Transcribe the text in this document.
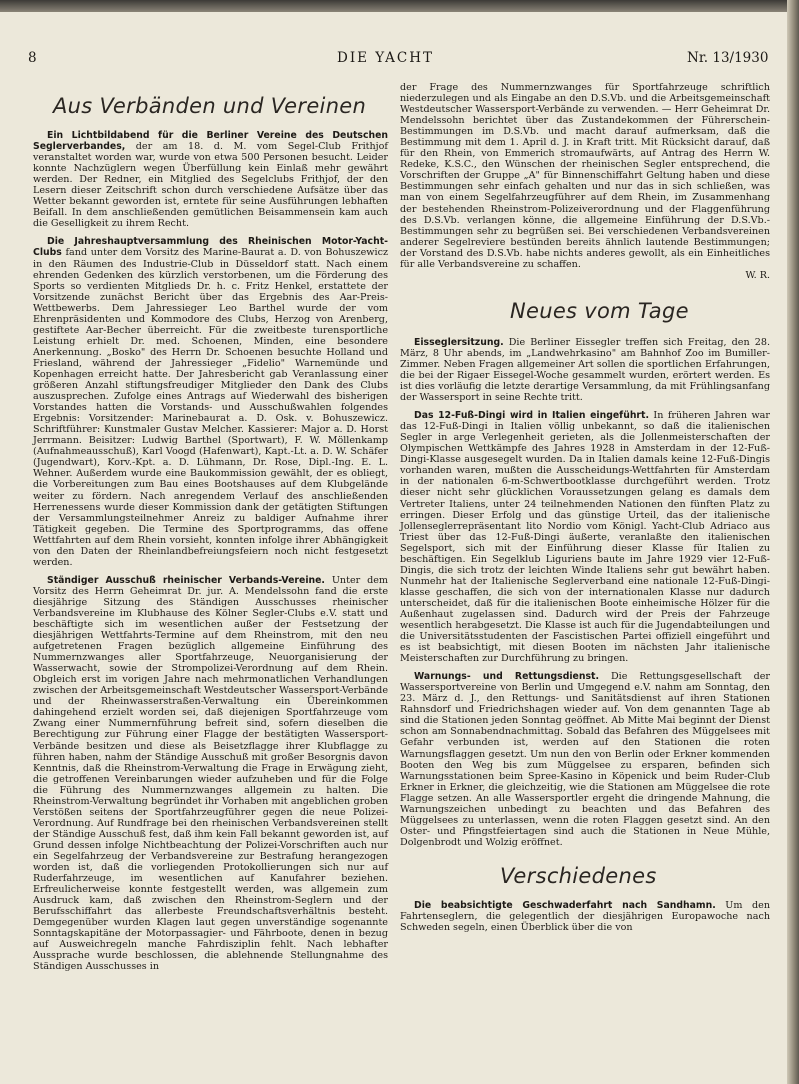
8	DIE YACHT	Nr. 13/1930
Aus Verbänden und Vereinen

Ein Lichtbildabend für die Berliner Vereine des Deutschen Seglerverbandes, der am 18. d. M. vom Segel-Club Frithjof veranstaltet worden war, wurde von etwa 500 Personen besucht. Leider konnte Nachzüglern wegen Überfüllung kein Einlaß mehr gewährt werden. Der Redner, ein Mitglied des Segelclubs Frithjof, der den Lesern dieser Zeitschrift schon durch verschiedene Aufsätze über das Wetter bekannt geworden ist, erntete für seine Ausführungen lebhaften Beifall. In dem anschließenden gemütlichen Beisammensein kam auch die Geselligkeit zu ihrem Recht.

Die Jahreshauptversammlung des Rheinischen Motor-Yacht-Clubs fand unter dem Vorsitz des Marine-Baurat a. D. von Bohuszewicz in den Räumen des Industrie-Club in Düsseldorf statt. Nach einem ehrenden Gedenken des kürzlich verstorbenen, um die Förderung des Sports so verdienten Mitglieds Dr. h. c. Fritz Henkel, erstattete der Vorsitzende zunächst Bericht über das Ergebnis des Aar-Preis-Wettbewerbs. Dem Jahressieger Leo Barthel wurde der vom Ehrenpräsidenten und Kommodore des Clubs, Herzog von Arenberg, gestiftete Aar-Becher überreicht. Für die zweitbeste turensportliche Leistung erhielt Dr. med. Schoenen, Minden, eine besondere Anerkennung. „Bosko" des Herrn Dr. Schoenen besuchte Holland und Friesland, während der Jahressieger „Fidelio" Warnemünde und Kopenhagen erreicht hatte. Der Jahresbericht gab Veranlassung einer größeren Anzahl stiftungsfreudiger Mitglieder den Dank des Clubs auszusprechen. Zufolge eines Antrags auf Wiederwahl des bisherigen Vorstandes hatten die Vorstands- und Ausschußwahlen folgendes Ergebnis: Vorsitzender: Marinebaurat a. D. Osk. v. Bohuszewicz. Schriftführer: Kunstmaler Gustav Melcher. Kassierer: Major a. D. Horst Jerrmann. Beisitzer: Ludwig Barthel (Sportwart), F. W. Möllenkamp (Aufnahmeausschuß), Karl Voogd (Hafenwart), Kapt.-Lt. a. D. W. Schäfer (Jugendwart), Korv.-Kpt. a. D. Lühmann, Dr. Rose, Dipl.-Ing. E. L. Wehner. Außerdem wurde eine Baukommission gewählt, der es obliegt, die Vorbereitungen zum Bau eines Bootshauses auf dem Klubgelände weiter zu fördern. Nach anregendem Verlauf des anschließenden Herrenessens wurde dieser Kommission dank der getätigten Stiftungen der Versammlungsteilnehmer Anreiz zu baldiger Aufnahme ihrer Tätigkeit gegeben. Die Termine des Sportprogramms, das offene Wettfahrten auf dem Rhein vorsieht, konnten infolge ihrer Abhängigkeit von den Daten der Rheinlandbefreiungsfeiern noch nicht festgesetzt werden.

Ständiger Ausschuß rheinischer Verbands-Vereine. Unter dem Vorsitz des Herrn Geheimrat Dr. jur. A. Mendelssohn fand die erste diesjährige Sitzung des Ständigen Ausschusses rheinischer Verbandsvereine im Klubhause des Kölner Segler-Clubs e.V. statt und beschäftigte sich im wesentlichen außer der Festsetzung der diesjährigen Wettfahrts-Termine auf dem Rheinstrom, mit den neu aufgetretenen Fragen bezüglich allgemeine Einführung des Nummernzwanges aller Sportfahrzeuge, Neuorganisierung der Wasserwacht, sowie der Strompolizei-Verordnung auf dem Rhein. Obgleich erst im vorigen Jahre nach mehrmonatlichen Verhandlungen zwischen der Arbeitsgemeinschaft Westdeutscher Wassersport-Verbände und der Rheinwasserstraßen-Verwaltung ein Übereinkommen dahingehend erzielt worden sei, daß diejenigen Sportfahrzeuge vom Zwang einer Nummernführung befreit sind, sofern dieselben die Berechtigung zur Führung einer Flagge der bestätigten Wassersport-Verbände besitzen und diese als Beisetzflagge ihrer Klubflagge zu führen haben, nahm der Ständige Ausschuß mit großer Besorgnis davon Kenntnis, daß die Rheinstrom-Verwaltung die Frage in Erwägung zieht, die getroffenen Vereinbarungen wieder aufzuheben und für die Folge die Führung des Nummernzwanges allgemein zu halten. Die Rheinstrom-Verwaltung begründet ihr Vorhaben mit angeblichen groben Verstößen seitens der Sportfahrzeugführer gegen die neue Polizei-Verordnung. Auf Rundfrage bei den rheinischen Verbandsvereinen stellt der Ständige Ausschuß fest, daß ihm kein Fall bekannt geworden ist, auf Grund dessen infolge Nichtbeachtung der Polizei-Vorschriften auch nur ein Segelfahrzeug der Verbandsvereine zur Bestrafung herangezogen worden ist, daß die vorliegenden Protokollierungen sich nur auf Ruderfahrzeuge, im wesentlichen auf Kanufahrer beziehen. Erfreulicherweise konnte festgestellt werden, was allgemein zum Ausdruck kam, daß zwischen den Rheinstrom-Seglern und der Berufsschiffahrt das allerbeste Freundschaftsverhältnis besteht. Demgegenüber wurden Klagen laut gegen unverständige sogenannte Sonntagskapitäne der Motorpassagier- und Fährboote, denen in bezug auf Ausweichregeln manche Fahrdisziplin fehlt. Nach lebhafter Aussprache wurde beschlossen, die ablehnende Stellungnahme des Ständigen Ausschusses in

der Frage des Nummernzwanges für Sportfahrzeuge schriftlich niederzulegen und als Eingabe an den D.S.Vb. und die Arbeitsgemeinschaft Westdeutscher Wassersport-Verbände zu verwenden. — Herr Geheimrat Dr. Mendelssohn berichtet über das Zustandekommen der Führerschein-Bestimmungen im D.S.Vb. und macht darauf aufmerksam, daß die Bestimmung mit dem 1. April d. J. in Kraft tritt. Mit Rücksicht darauf, daß für den Rhein, von Emmerich stromaufwärts, auf Antrag des Herrn W. Redeke, K.S.C., den Wünschen der rheinischen Segler entsprechend, die Vorschriften der Gruppe „A" für Binnenschiffahrt Geltung haben und diese Bestimmungen sehr einfach gehalten und nur das in sich schließen, was man von einem Segelfahrzeugführer auf dem Rhein, im Zusammenhang der bestehenden Rheinstrom-Polizeiverordnung und der Flaggenführung des D.S.Vb. verlangen könne, die allgemeine Einführung der D.S.Vb.-Bestimmungen sehr zu begrüßen sei. Bei verschiedenen Verbandsvereinen anderer Segelreviere bestünden bereits ähnlich lautende Bestimmungen; der Vorstand des D.S.Vb. habe nichts anderes gewollt, als ein Einheitliches für alle Verbandsvereine zu schaffen.
W. R.

Neues vom Tage

Eisseglersitzung. Die Berliner Eissegler treffen sich Freitag, den 28. März, 8 Uhr abends, im „Landwehrkasino" am Bahnhof Zoo im Bumiller-Zimmer. Neben Fragen allgemeiner Art sollen die sportlichen Erfahrungen, die bei der Rigaer Eissegel-Woche gesammelt wurden, erörtert werden. Es ist dies vorläufig die letzte derartige Versammlung, da mit Frühlingsanfang der Wassersport in seine Rechte tritt.

Das 12-Fuß-Dingi wird in Italien eingeführt. In früheren Jahren war das 12-Fuß-Dingi in Italien völlig unbekannt, so daß die italienischen Segler in arge Verlegenheit gerieten, als die Jollenmeisterschaften der Olympischen Wettkämpfe des Jahres 1928 in Amsterdam in der 12-Fuß-Dingi-Klasse ausgesegelt wurden. Da in Italien damals keine 12-Fuß-Dingis vorhanden waren, mußten die Ausscheidungs-Wettfahrten für Amsterdam in der nationalen 6-m-Schwertbootklasse durchgeführt werden. Trotz dieser nicht sehr glücklichen Voraussetzungen gelang es damals dem Vertreter Italiens, unter 24 teilnehmenden Nationen den fünften Platz zu erringen. Dieser Erfolg und das günstige Urteil, das der italienische Jollenseglerrepräsentant lito Nordio vom Königl. Yacht-Club Adriaco aus Triest über das 12-Fuß-Dingi äußerte, veranlaßte den italienischen Segelsport, sich mit der Einführung dieser Klasse für Italien zu beschäftigen. Ein Segelklub Liguriens baute im Jahre 1929 vier 12-Fuß-Dingis, die sich trotz der leichten Winde Italiens sehr gut bewährt haben. Nunmehr hat der Italienische Seglerverband eine nationale 12-Fuß-Dingi-klasse geschaffen, die sich von der internationalen Klasse nur dadurch unterscheidet, daß für die italienischen Boote einheimische Hölzer für die Außenhaut zugelassen sind. Dadurch wird der Preis der Fahrzeuge wesentlich herabgesetzt. Die Klasse ist auch für die Jugendabteilungen und die Universitätsstudenten der Fascistischen Partei offiziell eingeführt und es ist beabsichtigt, mit diesen Booten im nächsten Jahr italienische Meisterschaften zur Durchführung zu bringen.

Warnungs- und Rettungsdienst. Die Rettungsgesellschaft der Wassersportvereine von Berlin und Umgegend e.V. nahm am Sonntag, den 23. März d. J., den Rettungs- und Sanitätsdienst auf ihren Stationen Rahnsdorf und Friedrichshagen wieder auf. Von dem genannten Tage ab sind die Stationen jeden Sonntag geöffnet. Ab Mitte Mai beginnt der Dienst schon am Sonnabendnachmittag. Sobald das Befahren des Müggelsees mit Gefahr verbunden ist, werden auf den Stationen die roten Warnungsflaggen gesetzt. Um nun den von Berlin oder Erkner kommenden Booten den Weg bis zum Müggelsee zu ersparen, befinden sich Warnungsstationen beim Spree-Kasino in Köpenick und beim Ruder-Club Erkner in Erkner, die gleichzeitig, wie die Stationen am Müggelsee die rote Flagge setzen. An alle Wassersportler ergeht die dringende Mahnung, die Warnungszeichen unbedingt zu beachten und das Befahren des Müggelsees zu unterlassen, wenn die roten Flaggen gesetzt sind. An den Oster- und Pfingstfeiertagen sind auch die Stationen in Neue Mühle, Dolgenbrodt und Wolzig eröffnet.

Verschiedenes

Die beabsichtigte Geschwaderfahrt nach Sandhamn. Um den Fahrtenseglern, die gelegentlich der diesjährigen Europawoche nach Schweden segeln, einen Überblick über die von
